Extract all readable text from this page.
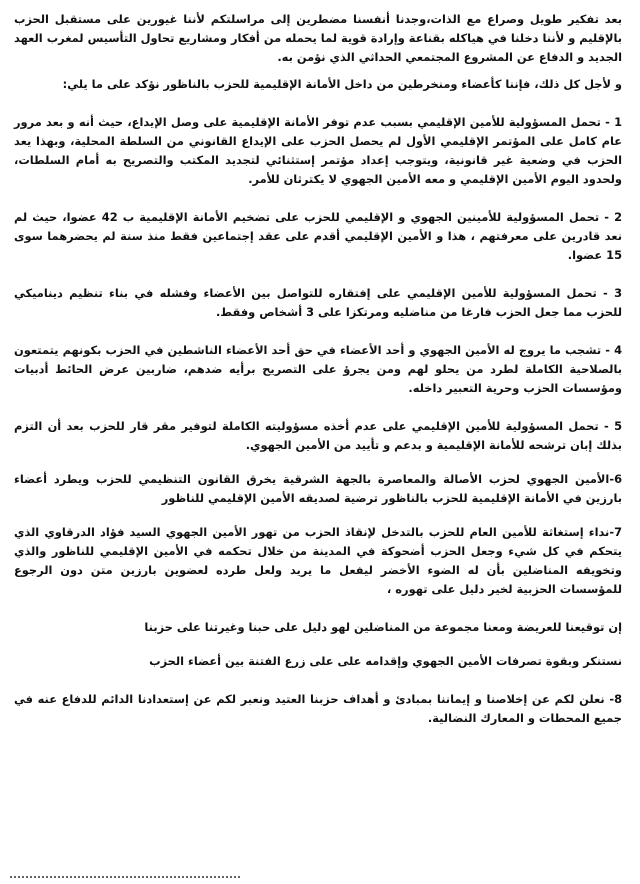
بعد تفكير طويل وصراع مع الذات،وجدنا أنفسنا مضطرين إلى مراسلتكم لأننا غيورين على مستقبل الحزب بالإقليم و لأننا دخلنا في هياكله بقناعة وإرادة قوية لما يحمله من أفكار ومشاريع تحاول التأسيس لمغرب العهد الجديد و الدفاع عن المشروع المجتمعي الحداثي الذي نؤمن به.

و لأجل كل ذلك، فإننا كأعضاء ومنخرطين من داخل الأمانة الإقليمية للحزب بالناظور نؤكد على ما يلي:

1 - تحمل المسؤولية للأمين الإقليمي بسبب عدم توفر الأمانة الإقليمية على وصل الإيداع، حيث أنه و بعد مرور عام كامل على المؤتمر الإقليمي الأول لم يحصل الحزب على الإيداع القانوني من السلطة المحلية، وبهذا يعد الحزب في وضعية غير قانونية، ويتوجب إعداد مؤتمر إستثنائي لتجديد المكتب والتصريح به أمام السلطات، ولحدود اليوم الأمين الإقليمي و معه الأمين الجهوي لا يكترثان للأمر.

2 - تحمل المسؤولية للأمينين الجهوي و الإقليمي للحزب على تضخيم الأمانة الإقليمية ب 42 عضوا، حيث لم نعد قادرين على معرفتهم ، هذا و الأمين الإقليمي أقدم على عقد إجتماعين فقط منذ سنة لم يحضرهما سوى 15 عضوا.

3 - تحمل المسؤولية للأمين الإقليمي على إفتقاره للتواصل بين الأعضاء وفشله في بناء تنظيم ديناميكي للحزب مما جعل الحزب فارغا من مناضليه ومرتكزا على 3 أشخاص وفقط.

4 - تشجب ما يروج له الأمين الجهوي و أحد الأعضاء في حق أحد الأعضاء الناشطين في الحزب بكونهم يتمتعون بالصلاحية الكاملة لطرد من يحلو لهم ومن يجرؤ على التصريح برأيه ضدهم، ضاربين عرض الحائط أدبيات ومؤسسات الحزب وحرية التعبير داخله.

5 - تحمل المسؤولية للأمين الإقليمي على عدم أخذه مسؤوليته الكاملة لتوفير مقر قار للحزب بعد أن التزم بذلك إبان ترشحه للأمانة الإقليمية و بدعم و تأييد من الأمين الجهوي.

6-الأمين الجهوي لحزب الأصالة والمعاصرة بالجهة الشرقية يخرق القانون التنظيمي للحزب ويطرد أعضاء بارزين في الأمانة الإقليمية للحزب بالناظور ترضية لصديقه الأمين الإقليمي للناظور

7-نداء إستغاثة للأمين العام للحزب بالتدخل لإنقاذ الحزب من تهور الأمين الجهوي السيد فؤاد الدرقاوي الذي يتحكم في كل شيء وجعل الحزب أضحوكة في المدينة من خلال تحكمه في الأمين الإقليمي للناظور والذي وتخويفه المناضلين بأن له الضوء الأخضر ليفعل ما يريد ولعل طرده لعضوين بارزين متن دون الرجوع للمؤسسات الحزبية لخير دليل على تهوره ،

إن توقيعنا للعريضة ومعنا مجموعة من المناضلين لهو دليل على حبنا وغيرتنا على حزبنا

نستنكر وبقوة تصرفات الأمين الجهوي وإقدامه على على زرع الفتنة بين أعضاء الحزب

8- نعلن لكم عن إخلاصنا و إيماننا بمبادئ و أهداف حزبنا العتيد ونعبر لكم عن إستعدادنا الدائم للدفاع عنه في جميع المحطات و المعارك النضالية.
